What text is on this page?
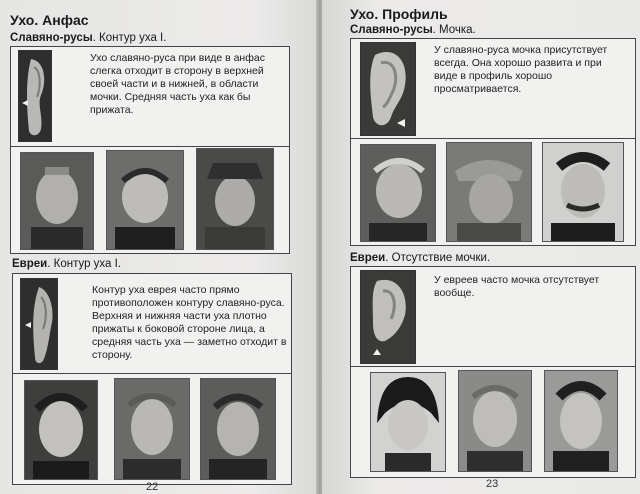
Ухо. Анфас
Славяно-русы. Контур уха I.
Ухо славяно-руса при виде в анфас слегка отходит в сторону в верхней своей части и в нижней, в области мочки. Средняя часть уха как бы прижата.
Евреи. Контур уха I.
Контур уха еврея часто прямо противоположен контуру славяно-руса. Верхняя и нижняя части уха плотно прижаты к боковой стороне лица, а средняя часть уха — заметно отходит в сторону.
22
Ухо. Профиль
Славяно-русы. Мочка.
У славяно-руса мочка присутствует всегда. Она хорошо развита и при виде в профиль хорошо просматривается.
Евреи. Отсутствие мочки.
У евреев часто мочка отсутствует вообще.
23
